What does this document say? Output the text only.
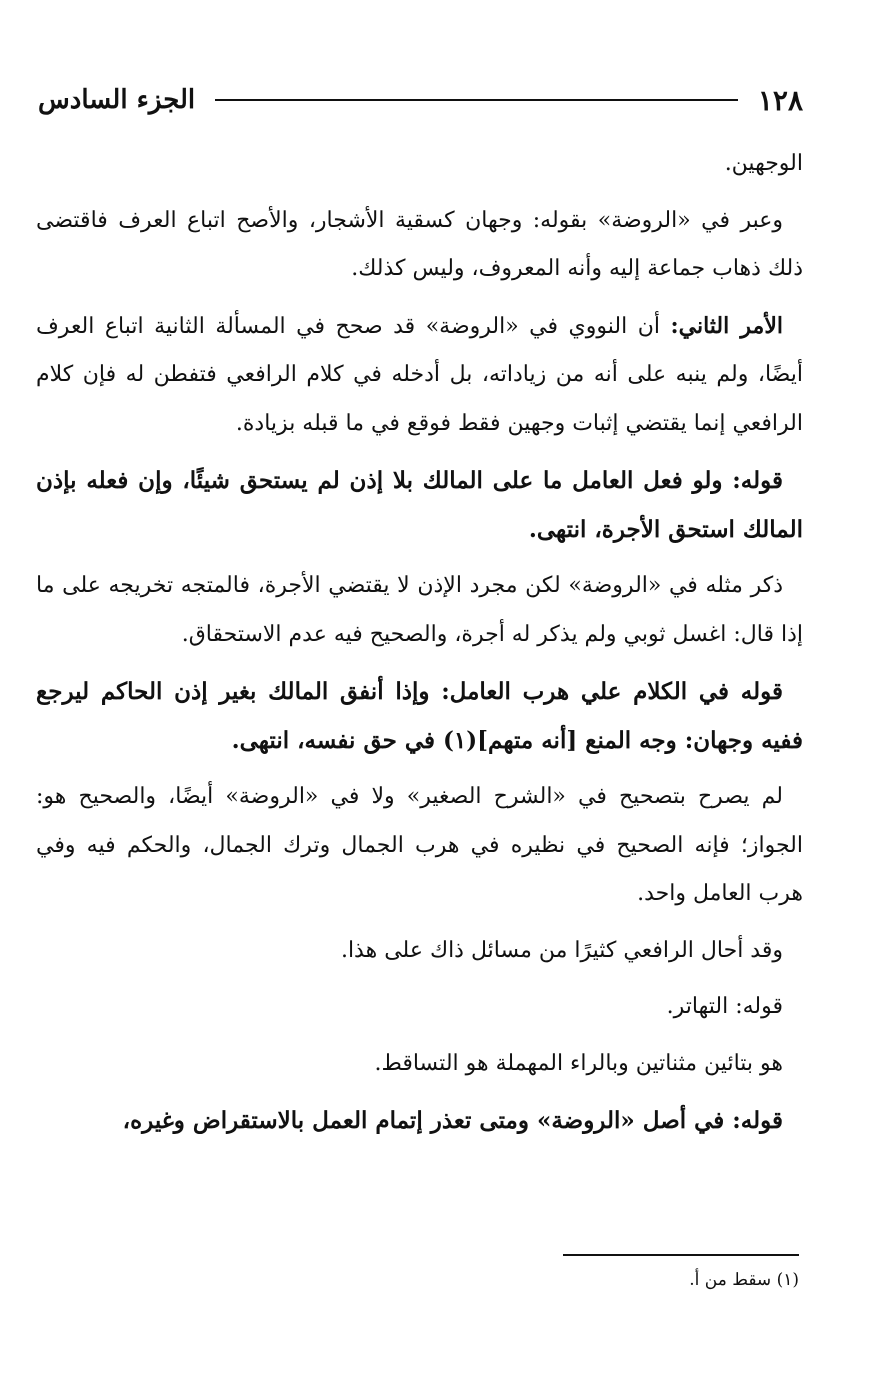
١٢٨
الجزء السادس

الوجهين.

وعبر في «الروضة» بقوله: وجهان كسقية الأشجار، والأصح اتباع العرف فاقتضى ذلك ذهاب جماعة إليه وأنه المعروف، وليس كذلك.

الأمر الثاني: أن النووي في «الروضة» قد صحح في المسألة الثانية اتباع العرف أيضًا، ولم ينبه على أنه من زياداته، بل أدخله في كلام الرافعي فتفطن له فإن كلام الرافعي إنما يقتضي إثبات وجهين فقط فوقع في ما قبله بزيادة.

قوله: ولو فعل العامل ما على المالك بلا إذن لم يستحق شيئًا، وإن فعله بإذن المالك استحق الأجرة، انتهى.

ذكر مثله في «الروضة» لكن مجرد الإذن لا يقتضي الأجرة، فالمتجه تخريجه على ما إذا قال: اغسل ثوبي ولم يذكر له أجرة، والصحيح فيه عدم الاستحقاق.

قوله في الكلام علي هرب العامل: وإذا أنفق المالك بغير إذن الحاكم ليرجع ففيه وجهان: وجه المنع [أنه متهم](١) في حق نفسه، انتهى.

لم يصرح بتصحيح في «الشرح الصغير» ولا في «الروضة» أيضًا، والصحيح هو: الجواز؛ فإنه الصحيح في نظيره في هرب الجمال وترك الجمال، والحكم فيه وفي هرب العامل واحد.

وقد أحال الرافعي كثيرًا من مسائل ذاك على هذا.

قوله: التهاتر.

هو بتائين مثناتين وبالراء المهملة هو التساقط.

قوله: في أصل «الروضة» ومتى تعذر إتمام العمل بالاستقراض وغيره،

(١) سقط من أ.
